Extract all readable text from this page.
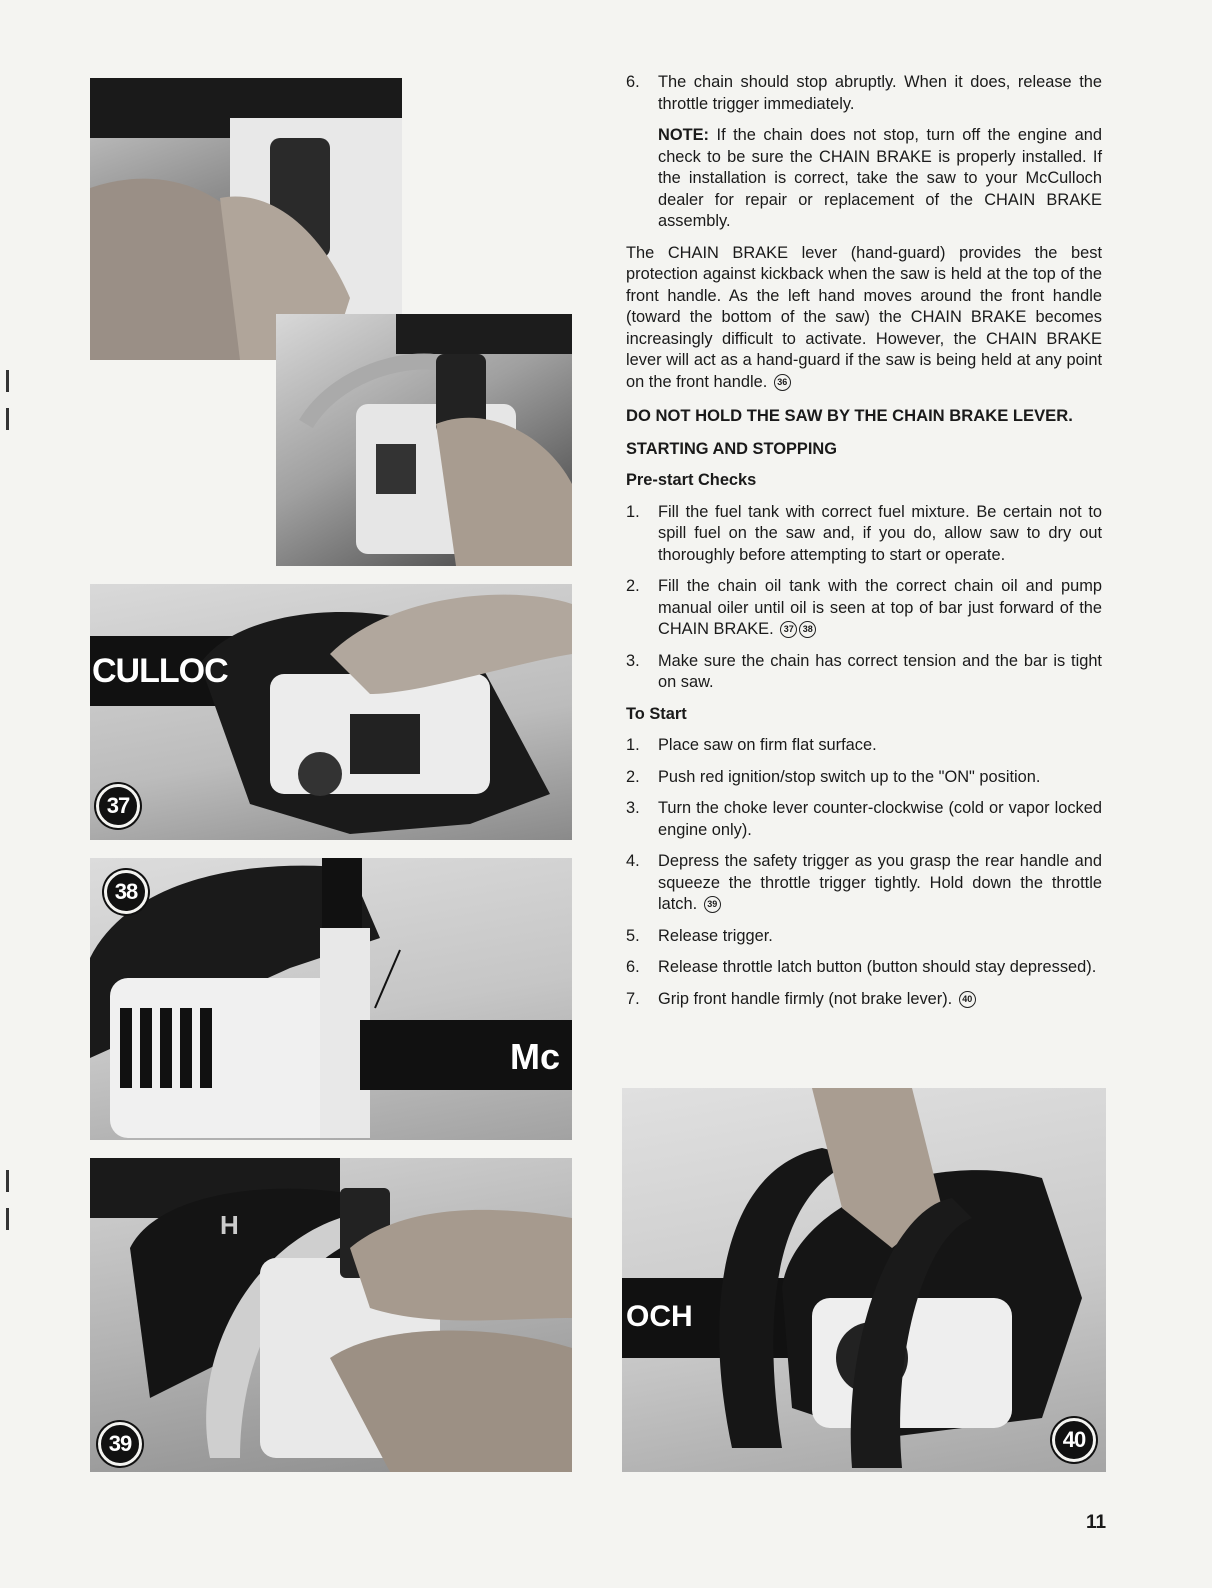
CULLOC
37
Mc
38
H
39
OCH
40
6. The chain should stop abruptly. When it does, release the throttle trigger immediately.
NOTE: If the chain does not stop, turn off the engine and check to be sure the CHAIN BRAKE is properly installed. If the installation is correct, take the saw to your McCulloch dealer for repair or replacement of the CHAIN BRAKE assembly.

The CHAIN BRAKE lever (hand-guard) provides the best protection against kickback when the saw is held at the top of the front handle. As the left hand moves around the front handle (toward the bottom of the saw) the CHAIN BRAKE becomes increasingly difficult to activate. However, the CHAIN BRAKE lever will act as a hand-guard if the saw is being held at any point on the front handle. 36

DO NOT HOLD THE SAW BY THE CHAIN BRAKE LEVER.
STARTING AND STOPPING
Pre-start Checks
1. Fill the fuel tank with correct fuel mixture. Be certain not to spill fuel on the saw and, if you do, allow saw to dry out thoroughly before attempting to start or operate.
2. Fill the chain oil tank with the correct chain oil and pump manual oiler until oil is seen at top of bar just forward of the CHAIN BRAKE. 37 38
3. Make sure the chain has correct tension and the bar is tight on saw.
To Start
1. Place saw on firm flat surface.
2. Push red ignition/stop switch up to the "ON" position.
3. Turn the choke lever counter-clockwise (cold or vapor locked engine only).
4. Depress the safety trigger as you grasp the rear handle and squeeze the throttle trigger tightly. Hold down the throttle latch. 39
5. Release trigger.
6. Release throttle latch button (button should stay depressed).
7. Grip front handle firmly (not brake lever). 40
11
